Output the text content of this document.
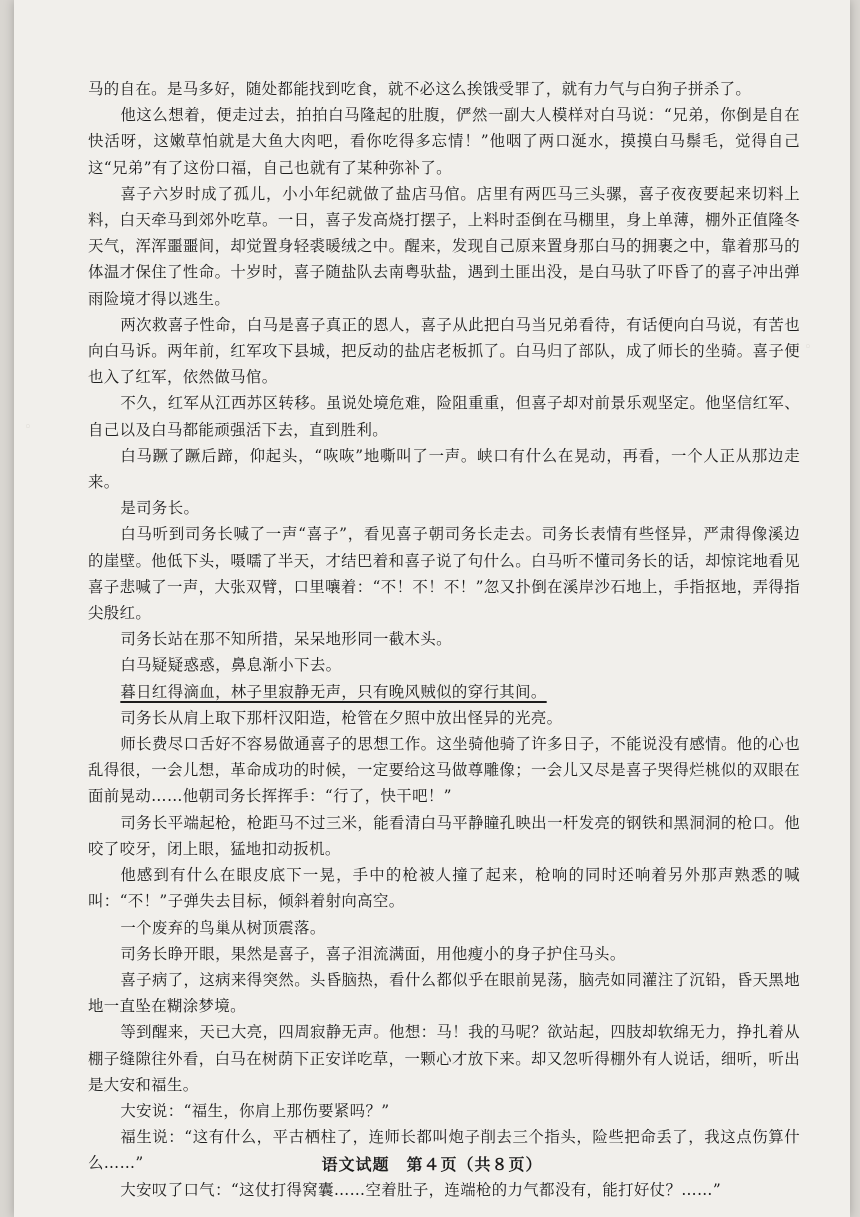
◦
◦

马的自在。是马多好，随处都能找到吃食，就不必这么挨饿受罪了，就有力气与白狗子拼杀了。

他这么想着，便走过去，拍拍白马隆起的肚腹，俨然一副大人模样对白马说：“兄弟，你倒是自在快活呀，这嫩草怕就是大鱼大肉吧，看你吃得多忘情！”他咽了两口涎水，摸摸白马鬃毛，觉得自己这“兄弟”有了这份口福，自己也就有了某种弥补了。

喜子六岁时成了孤儿，小小年纪就做了盐店马倌。店里有两匹马三头骡，喜子夜夜要起来切料上料，白天牵马到郊外吃草。一日，喜子发高烧打摆子，上料时歪倒在马棚里，身上单薄，棚外正值隆冬天气，浑浑噩噩间，却觉置身轻裘暖绒之中。醒来，发现自己原来置身那白马的拥裹之中，靠着那马的体温才保住了性命。十岁时，喜子随盐队去南粤驮盐，遇到土匪出没，是白马驮了吓昏了的喜子冲出弹雨险境才得以逃生。

两次救喜子性命，白马是喜子真正的恩人，喜子从此把白马当兄弟看待，有话便向白马说，有苦也向白马诉。两年前，红军攻下县城，把反动的盐店老板抓了。白马归了部队，成了师长的坐骑。喜子便也入了红军，依然做马倌。

不久，红军从江西苏区转移。虽说处境危难，险阻重重，但喜子却对前景乐观坚定。他坚信红军、自己以及白马都能顽强活下去，直到胜利。

白马蹶了蹶后蹄，仰起头，“咴咴”地嘶叫了一声。峡口有什么在晃动，再看，一个人正从那边走来。

是司务长。

白马听到司务长喊了一声“喜子”，看见喜子朝司务长走去。司务长表情有些怪异，严肃得像溪边的崖壁。他低下头，嗫嚅了半天，才结巴着和喜子说了句什么。白马听不懂司务长的话，却惊诧地看见喜子悲喊了一声，大张双臂，口里嚷着：“不！不！不！”忽又扑倒在溪岸沙石地上，手指抠地，弄得指尖殷红。

司务长站在那不知所措，呆呆地形同一截木头。

白马疑疑惑惑，鼻息渐小下去。

暮日红得滴血，林子里寂静无声，只有晚风贼似的穿行其间。

司务长从肩上取下那杆汉阳造，枪管在夕照中放出怪异的光亮。

师长费尽口舌好不容易做通喜子的思想工作。这坐骑他骑了许多日子，不能说没有感情。他的心也乱得很，一会儿想，革命成功的时候，一定要给这马做尊雕像；一会儿又尽是喜子哭得烂桃似的双眼在面前晃动……他朝司务长挥挥手：“行了，快干吧！”

司务长平端起枪，枪距马不过三米，能看清白马平静瞳孔映出一杆发亮的钢铁和黑洞洞的枪口。他咬了咬牙，闭上眼，猛地扣动扳机。

他感到有什么在眼皮底下一晃，手中的枪被人撞了起来，枪响的同时还响着另外那声熟悉的喊叫：“不！”子弹失去目标，倾斜着射向高空。

一个废弃的鸟巢从树顶震落。

司务长睁开眼，果然是喜子，喜子泪流满面，用他瘦小的身子护住马头。

喜子病了，这病来得突然。头昏脑热，看什么都似乎在眼前晃荡，脑壳如同灌注了沉铅，昏天黑地地一直坠在糊涂梦境。

等到醒来，天已大亮，四周寂静无声。他想：马！我的马呢？欲站起，四肢却软绵无力，挣扎着从棚子缝隙往外看，白马在树荫下正安详吃草，一颗心才放下来。却又忽听得棚外有人说话，细听，听出是大安和福生。

大安说：“福生，你肩上那伤要紧吗？”

福生说：“这有什么，平古栖柱了，连师长都叫炮子削去三个指头，险些把命丢了，我这点伤算什么……”

大安叹了口气：“这仗打得窝囊……空着肚子，连端枪的力气都没有，能打好仗？……”

语文试题　第４页（共８页）
